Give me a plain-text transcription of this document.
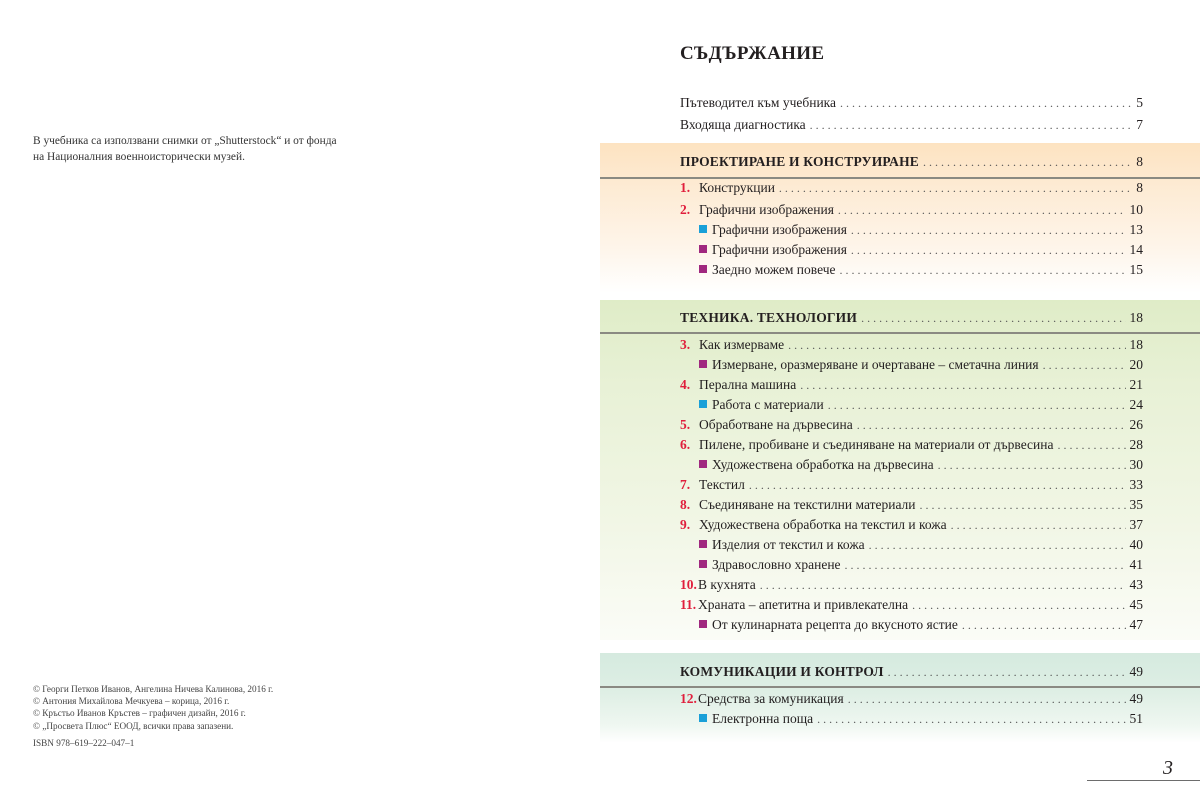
В учебника са използвани снимки от „Shutterstock“ и от фонда
на Националния военноисторически музей.
© Георги Петков Иванов, Ангелина Ничева Калинова, 2016 г.
© Антония Михайлова Мечкуева – корица, 2016 г.
© Кръстьо Иванов Кръстев – графичен дизайн, 2016 г.
© „Просвета Плюс“ ЕООД, всички права запазени.
ISBN 978–619–222–047–1
СЪДЪРЖАНИЕ
Пътеводител към учебника . . .	5
Входяща диагностика . . .	7
ПРОЕКТИРАНЕ И КОНСТРУИРАНЕ . . .	8
1. Конструкции . . .	8
2. Графични изображения . . .	10
Графични изображения . . .	13
Графични изображения . . .	14
Заедно можем повече . . .	15
ТЕХНИКА. ТЕХНОЛОГИИ . . .	18
3. Как измерваме . . .	18
Измерване, оразмеряване и очертаване – сметачна линия . . .	20
4. Перална машина . . .	21
Работа с материали . . .	24
5. Обработване на дървесина . . .	26
6. Пилене, пробиване и съединяване на материали от дървесина . . .	28
Художествена обработка на дървесина . . .	30
7. Текстил . . .	33
8. Съединяване на текстилни материали . . .	35
9. Художествена обработка на текстил и кожа . . .	37
Изделия от текстил и кожа . . .	40
Здравословно хранене . . .	41
10. В кухнята . . .	43
11. Храната – апетитна и привлекателна . . .	45
От кулинарната рецепта до вкусното ястие . . .	47
КОМУНИКАЦИИ И КОНТРОЛ . . .	49
12. Средства за комуникация . . .	49
Електронна поща . . .	51
3
